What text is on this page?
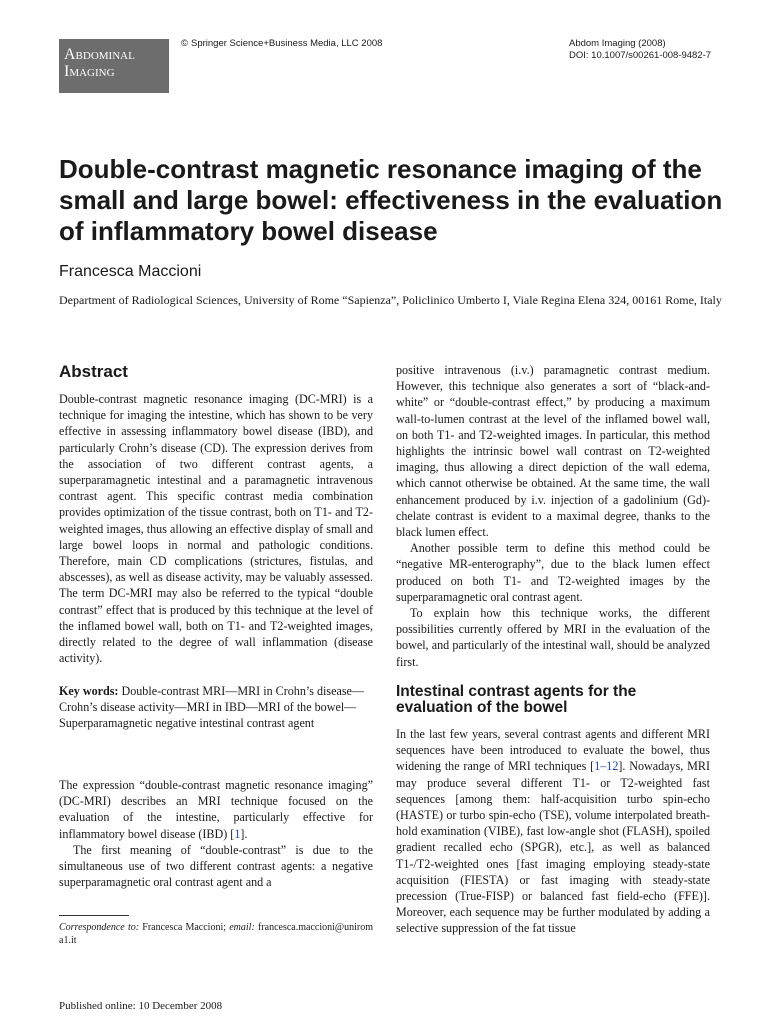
Abdominal
Imaging
© Springer Science+Business Media, LLC 2008	Abdom Imaging (2008)
DOI: 10.1007/s00261-008-9482-7
Double-contrast magnetic resonance imaging of the small and large bowel: effectiveness in the evaluation of inflammatory bowel disease
Francesca Maccioni
Department of Radiological Sciences, University of Rome “Sapienza”, Policlinico Umberto I, Viale Regina Elena 324, 00161 Rome, Italy
Abstract

Double-contrast magnetic resonance imaging (DC-MRI) is a technique for imaging the intestine, which has shown to be very effective in assessing inflammatory bowel disease (IBD), and particularly Crohn’s disease (CD). The expression derives from the association of two different contrast agents, a superparamagnetic intestinal and a paramagnetic intravenous contrast agent. This specific contrast media combination provides optimization of the tissue contrast, both on T1- and T2-weighted images, thus allowing an effective display of small and large bowel loops in normal and pathologic conditions. Therefore, main CD complications (strictures, fistulas, and abscesses), as well as disease activity, may be valuably assessed. The term DC-MRI may also be referred to the typical “double contrast” effect that is produced by this technique at the level of the inflamed bowel wall, both on T1- and T2-weighted images, directly related to the degree of wall inflammation (disease activity).

Key words: Double-contrast MRI—MRI in Crohn’s disease—Crohn’s disease activity—MRI in IBD—MRI of the bowel—Superparamagnetic negative intestinal contrast agent

The expression “double-contrast magnetic resonance imaging” (DC-MRI) describes an MRI technique focused on the evaluation of the intestine, particularly effective for inflammatory bowel disease (IBD) [1].

The first meaning of “double-contrast” is due to the simultaneous use of two different contrast agents: a negative superparamagnetic oral contrast agent and a

Correspondence to: Francesca Maccioni; email: francesca.maccioni@uniroma1.it
Published online: 10 December 2008

positive intravenous (i.v.) paramagnetic contrast medium. However, this technique also generates a sort of “black-and-white” or “double-contrast effect,” by producing a maximum wall-to-lumen contrast at the level of the inflamed bowel wall, on both T1- and T2-weighted images. In particular, this method highlights the intrinsic bowel wall contrast on T2-weighted imaging, thus allowing a direct depiction of the wall edema, which cannot otherwise be obtained. At the same time, the wall enhancement produced by i.v. injection of a gadolinium (Gd)-chelate contrast is evident to a maximal degree, thanks to the black lumen effect.

Another possible term to define this method could be “negative MR-enterography”, due to the black lumen effect produced on both T1- and T2-weighted images by the superparamagnetic oral contrast agent.

To explain how this technique works, the different possibilities currently offered by MRI in the evaluation of the bowel, and particularly of the intestinal wall, should be analyzed first.

Intestinal contrast agents for the evaluation of the bowel

In the last few years, several contrast agents and different MRI sequences have been introduced to evaluate the bowel, thus widening the range of MRI techniques [1–12]. Nowadays, MRI may produce several different T1- or T2-weighted fast sequences [among them: half-acquisition turbo spin-echo (HASTE) or turbo spin-echo (TSE), volume interpolated breath-hold examination (VIBE), fast low-angle shot (FLASH), spoiled gradient recalled echo (SPGR), etc.], as well as balanced T1-/T2-weighted ones [fast imaging employing steady-state acquisition (FIESTA) or fast imaging with steady-state precession (True-FISP) or balanced fast field-echo (FFE)]. Moreover, each sequence may be further modulated by adding a selective suppression of the fat tissue
